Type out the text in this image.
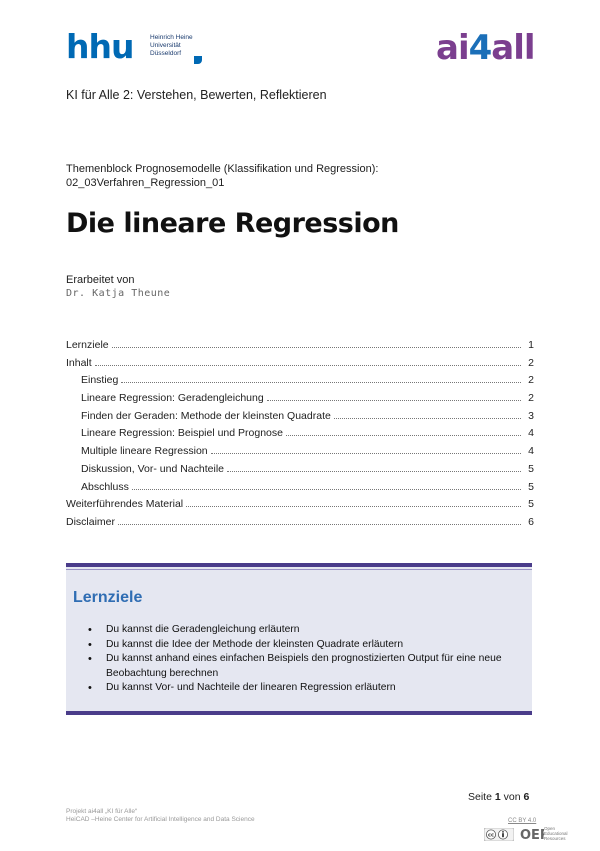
hhu	Heinrich Heine
Universität
Düsseldorf	ai4all
KI für Alle 2: Verstehen, Bewerten, Reflektieren
Themenblock Prognosemodelle (Klassifikation und Regression):
02_03Verfahren_Regression_01
Die lineare Regression
Erarbeitet von
Dr. Katja Theune
Lernziele	1
Inhalt	2
Einstieg	2
Lineare Regression: Geradengleichung	2
Finden der Geraden: Methode der kleinsten Quadrate	3
Lineare Regression: Beispiel und Prognose	4
Multiple lineare Regression	4
Diskussion, Vor- und Nachteile	5
Abschluss	5
Weiterführendes Material	5
Disclaimer	6
Lernziele
• Du kannst die Geradengleichung erläutern
• Du kannst die Idee der Methode der kleinsten Quadrate erläutern
• Du kannst anhand eines einfachen Beispiels den prognostizierten Output für eine neue Beobachtung berechnen
• Du kannst Vor- und Nachteile der linearen Regression erläutern
Seite 1 von 6
Projekt ai4all „KI für Alle“
HeiCAD –Heine Center for Artificial Intelligence and Data Science	CC BY 4.0
cc OE Open
Educational
Resources
